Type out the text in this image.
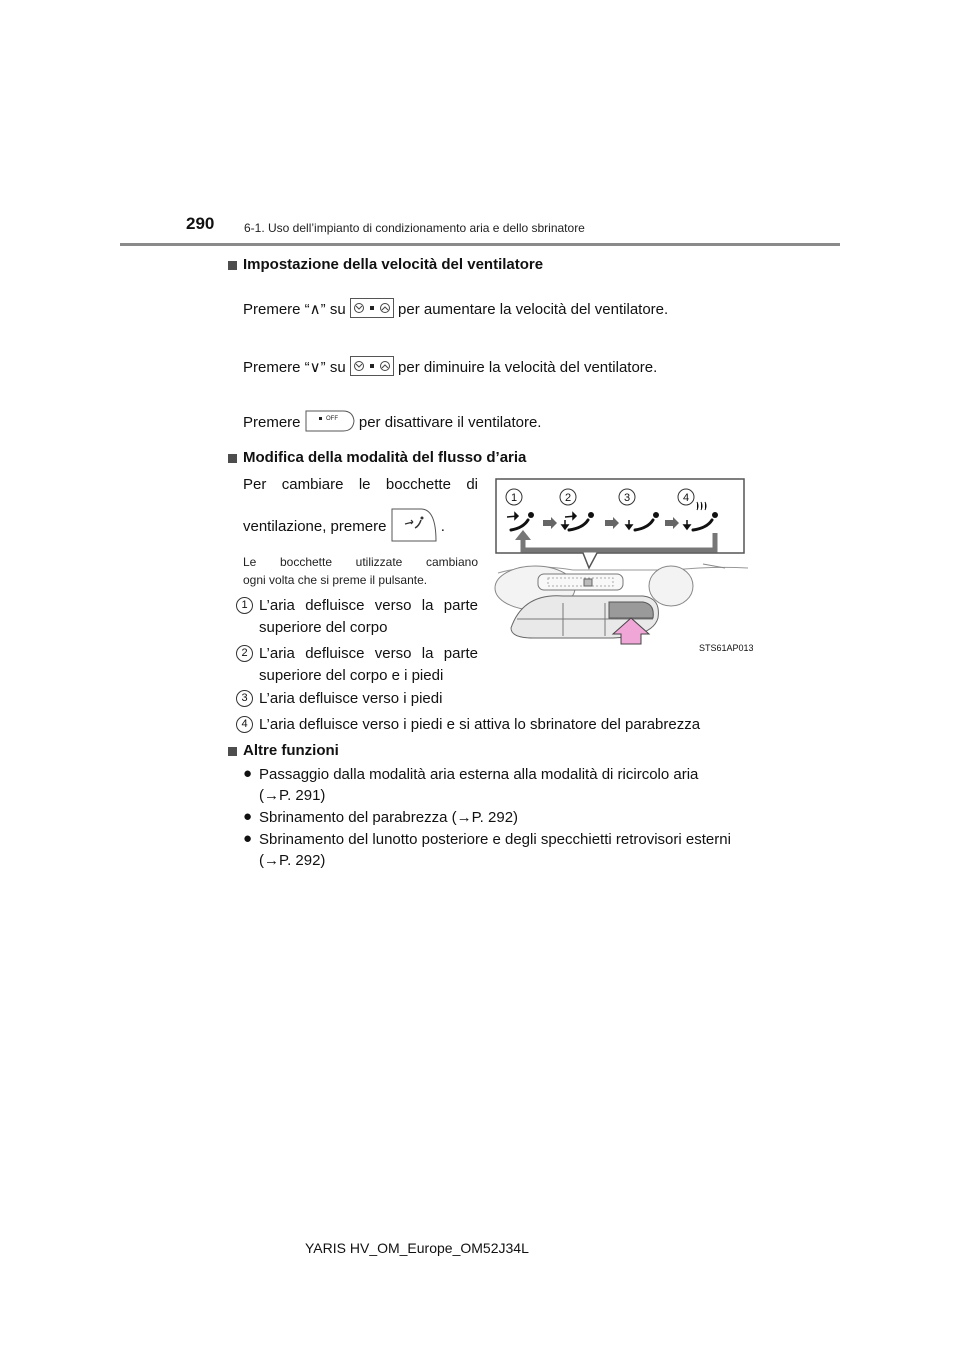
290 6-1. Uso dell’impianto di condizionamento aria e dello sbrinatore
Impostazione della velocità del ventilatore
Premere “∧” su	per aumentare la velocità del ventilatore.
Premere “∨” su	per diminuire la velocità del ventilatore.
Premere	OFF per disattivare il ventilatore.
Modifica della modalità del flusso d’aria
Per cambiare le bocchette di
ventilazione, premere	.
Le bocchette utilizzate cambiano
ogni volta che si preme il pulsante.
1 L’aria defluisce verso la parte
superiore del corpo
2 L’aria defluisce verso la parte
superiore del corpo e i piedi
3 L’aria defluisce verso i piedi
4 L’aria defluisce verso i piedi e si attiva lo sbrinatore del parabrezza
1	2	3	4
STS61AP013
Altre funzioni
● Passaggio dalla modalità aria esterna alla modalità di ricircolo aria
(→P. 291)
● Sbrinamento del parabrezza (→P. 292)
● Sbrinamento del lunotto posteriore e degli specchietti retrovisori esterni
(→P. 292)
YARIS HV_OM_Europe_OM52J34L
